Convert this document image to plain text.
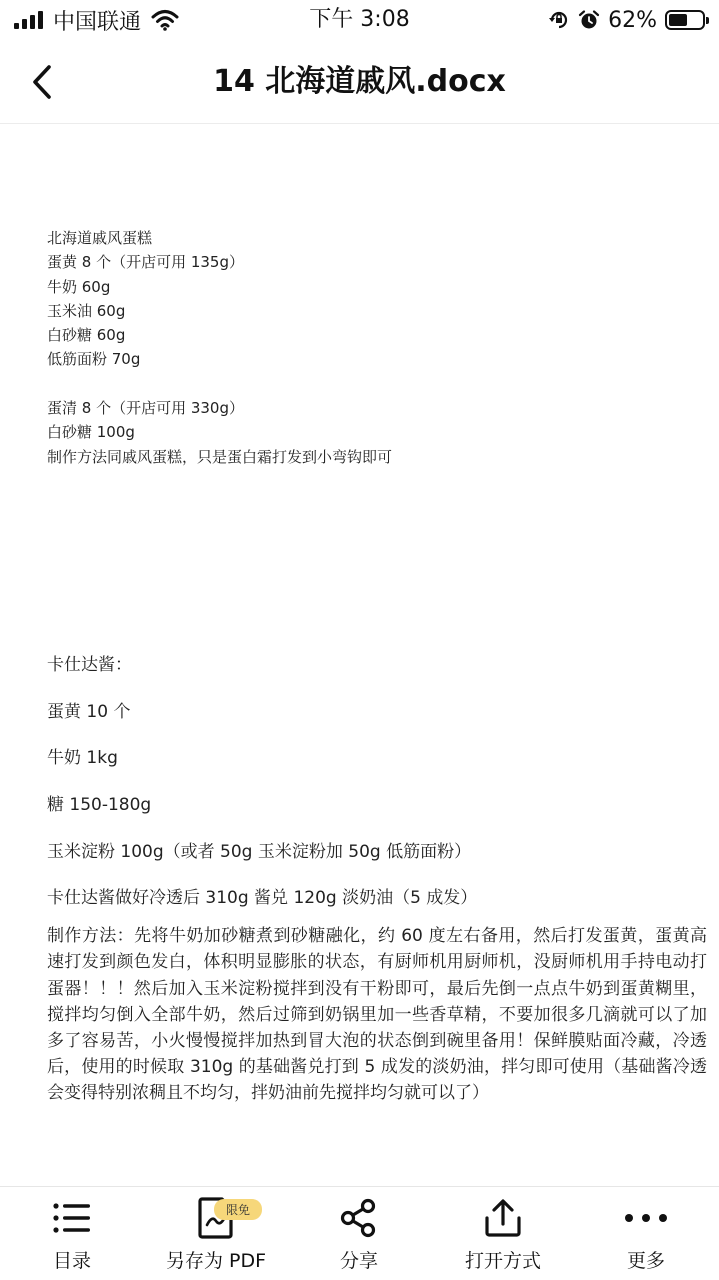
中国联通	下午 3:08	62%
14 北海道戚风.docx
北海道戚风蛋糕
蛋黄 8 个（开店可用 135g）
牛奶 60g
玉米油 60g
白砂糖 60g
低筋面粉 70g
蛋清 8 个（开店可用 330g）
白砂糖 100g
制作方法同戚风蛋糕，只是蛋白霜打发到小弯钩即可
卡仕达酱：
蛋黄 10 个
牛奶 1kg
糖 150-180g
玉米淀粉 100g（或者 50g 玉米淀粉加 50g 低筋面粉）
卡仕达酱做好冷透后 310g 酱兑 120g 淡奶油（5 成发）
制作方法：先将牛奶加砂糖煮到砂糖融化，约 60 度左右备用，然后打发蛋黄，蛋黄高速打发到颜色发白，体积明显膨胀的状态，有厨师机用厨师机，没厨师机用手持电动打蛋器！！！然后加入玉米淀粉搅拌到没有干粉即可，最后先倒一点点牛奶到蛋黄糊里，搅拌均匀倒入全部牛奶，然后过筛到奶锅里加一些香草精，不要加很多几滴就可以了加多了容易苦，小火慢慢搅拌加热到冒大泡的状态倒到碗里备用！保鲜膜贴面冷藏，冷透后，使用的时候取 310g 的基础酱兑打到 5 成发的淡奶油，拌匀即可使用（基础酱冷透会变得特别浓稠且不均匀，拌奶油前先搅拌均匀就可以了）
目录
限免
另存为 PDF	分享	打开方式	更多
